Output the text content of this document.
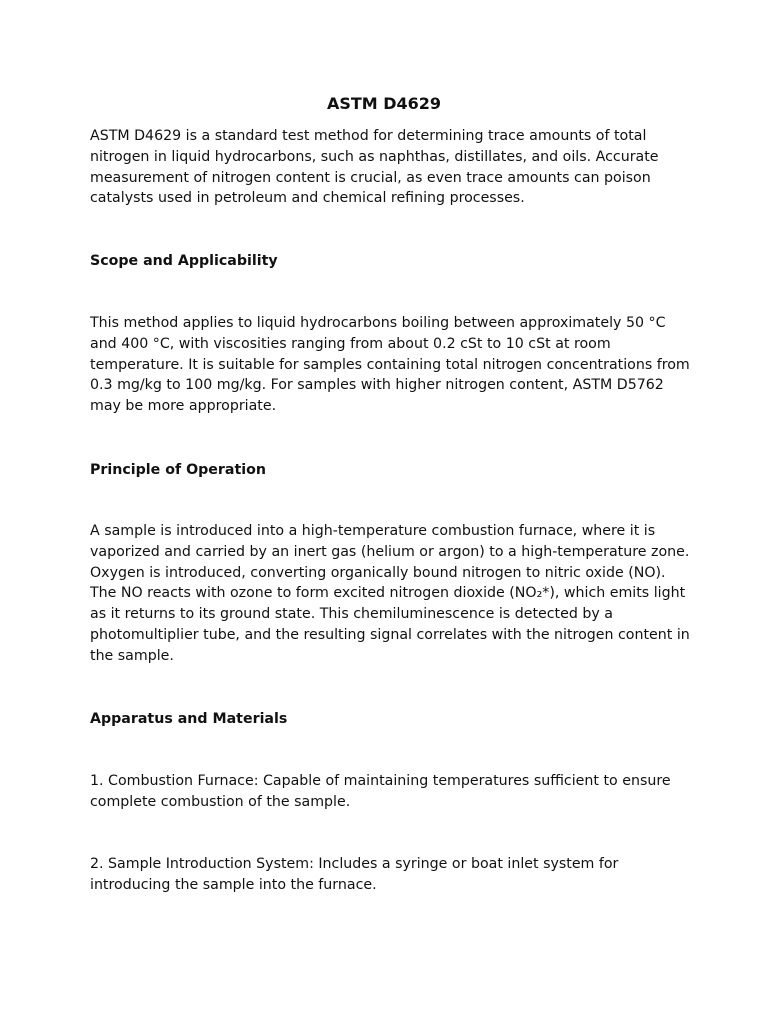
ASTM D4629

ASTM D4629 is a standard test method for determining trace amounts of total nitrogen in liquid hydrocarbons, such as naphthas, distillates, and oils. Accurate measurement of nitrogen content is crucial, as even trace amounts can poison catalysts used in petroleum and chemical refining processes.

Scope and Applicability

This method applies to liquid hydrocarbons boiling between approximately 50 °C and 400 °C, with viscosities ranging from about 0.2 cSt to 10 cSt at room temperature. It is suitable for samples containing total nitrogen concentrations from 0.3 mg/kg to 100 mg/kg. For samples with higher nitrogen content, ASTM D5762 may be more appropriate.

Principle of Operation

A sample is introduced into a high-temperature combustion furnace, where it is vaporized and carried by an inert gas (helium or argon) to a high-temperature zone. Oxygen is introduced, converting organically bound nitrogen to nitric oxide (NO). The NO reacts with ozone to form excited nitrogen dioxide (NO₂*), which emits light as it returns to its ground state. This chemiluminescence is detected by a photomultiplier tube, and the resulting signal correlates with the nitrogen content in the sample.

Apparatus and Materials

1. Combustion Furnace: Capable of maintaining temperatures sufficient to ensure complete combustion of the sample.

2. Sample Introduction System: Includes a syringe or boat inlet system for introducing the sample into the furnace.
